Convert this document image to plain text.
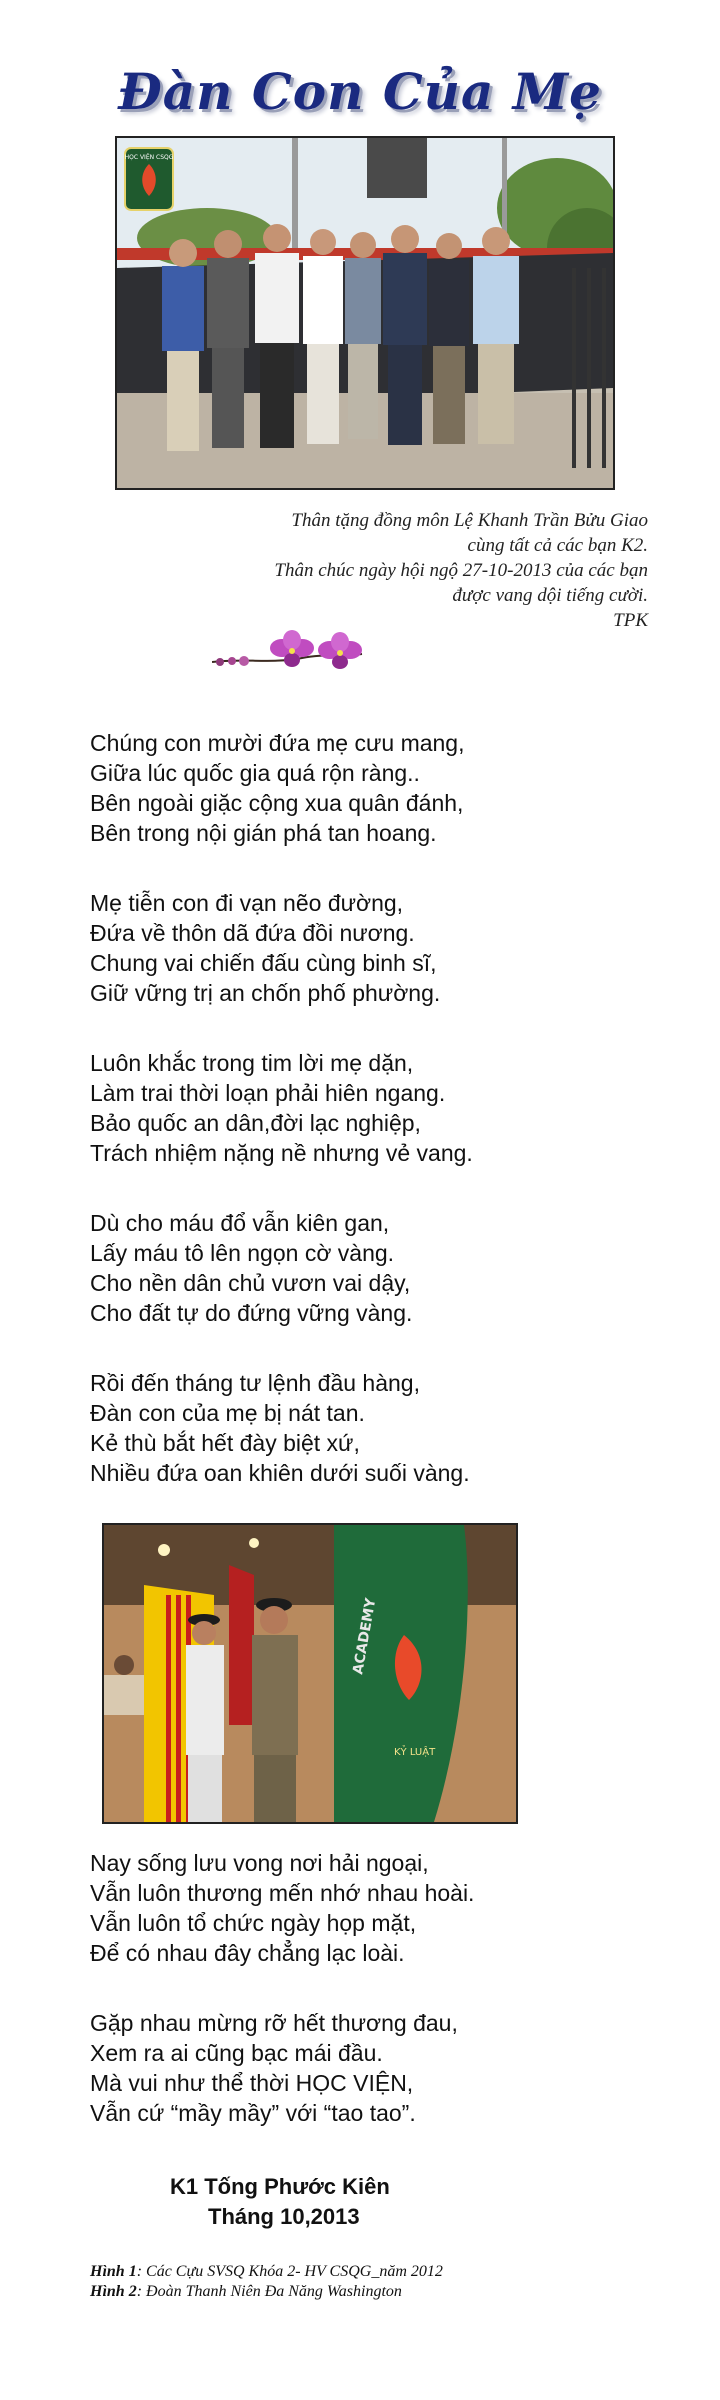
Đàn Con Của Mẹ
HỌC VIỆN CSQG
Thân tặng đồng môn Lệ Khanh Trần Bửu Giao
cùng tất cả các bạn K2.
Thân chúc ngày hội ngộ 27-10-2013 của các bạn
được vang dội tiếng cười.
TPK
Chúng con mười đứa mẹ cưu mang,
Giữa lúc quốc gia quá rộn ràng..
Bên ngoài giặc cộng xua quân đánh,
Bên trong nội gián phá tan hoang.
Mẹ tiễn con đi vạn nẽo đường,
Đứa về thôn dã đứa đồi nương.
Chung vai chiến đấu cùng binh sĩ,
Giữ vững trị an chốn phố phường.
Luôn khắc trong tim lời mẹ dặn,
Làm trai thời loạn phải hiên ngang.
Bảo quốc an dân,đời lạc nghiệp,
Trách nhiệm nặng nề nhưng vẻ vang.
Dù cho máu đổ vẫn kiên gan,
Lấy máu tô lên ngọn cờ vàng.
Cho nền dân chủ vươn vai dậy,
Cho đất tự do đứng vững vàng.
Rồi đến tháng tư lệnh đầu hàng,
Đàn con của mẹ bị nát tan.
Kẻ thù bắt hết đày biệt xứ,
Nhiều đứa oan khiên dưới suối vàng.
ACADEMY
KỶ LUẬT
Nay sống lưu vong nơi hải ngoại,
Vẫn luôn thương mến nhớ nhau hoài.
Vẫn luôn tổ chức ngày họp mặt,
Để có nhau đây chẳng lạc loài.
Gặp nhau mừng rỡ hết thương đau,
Xem ra ai cũng bạc mái đầu.
Mà vui như thể thời HỌC VIỆN,
Vẫn cứ “mầy mầy” với “tao tao”.
K1 Tống Phước Kiên
Tháng 10,2013
Hình 1: Các Cựu SVSQ Khóa 2- HV CSQG_năm 2012
Hình 2: Đoàn Thanh Niên Đa Năng Washington
